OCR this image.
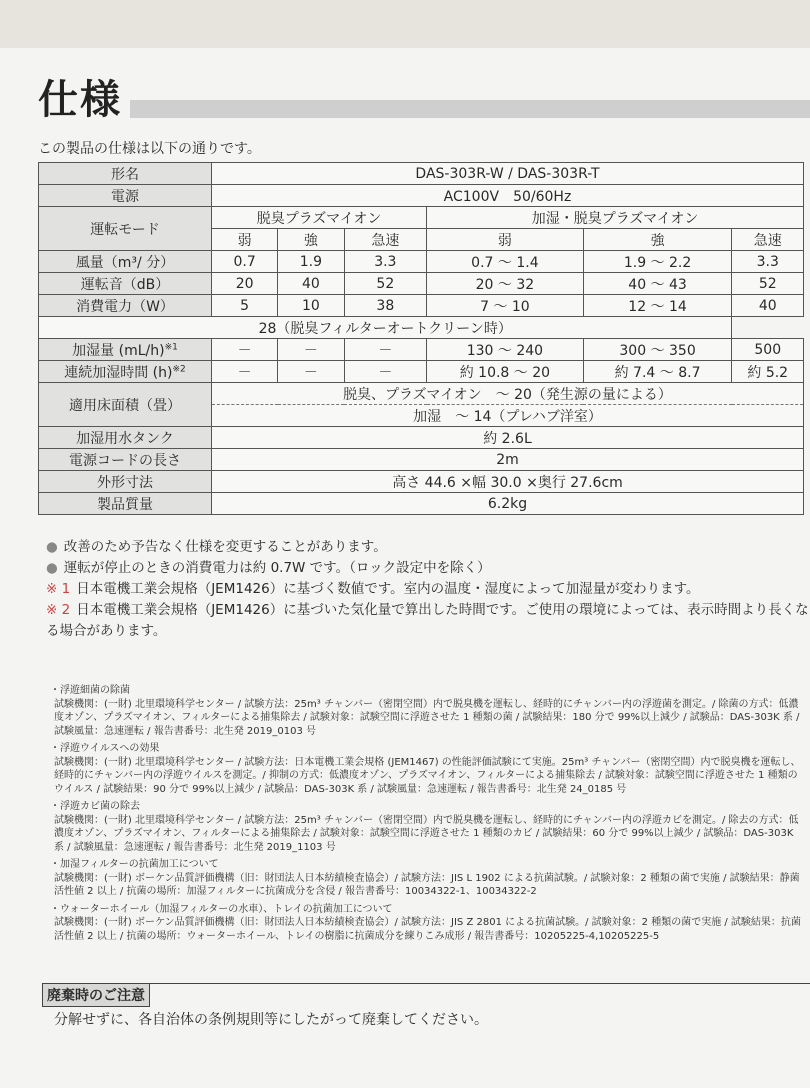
仕様
この製品の仕様は以下の通りです。
形名	DAS-303R-W / DAS-303R-T					
電源	AC100V　50/60Hz					
運転モード	脱臭プラズマイオン			加湿・脱臭プラズマイオン		
	弱	強	急速	弱	強	急速
風量（m³/ 分）	0.7	1.9	3.3	0.7 ～ 1.4	1.9 ～ 2.2	3.3
運転音（dB）	20	40	52	20 ～ 32	40 ～ 43	52
消費電力（W）	5	10	38	7 ～ 10	12 ～ 14	40
28（脱臭フィルターオートクリーン時）						
加湿量 $(mL/h)^{※1}$	－	－	－	130 ～ 240	300 ～ 350	500
連続加湿時間 $(h)^{※2}$	－	－	－	約 10.8 ～ 20	約 7.4 ～ 8.7	約 5.2
適用床面積（畳）	脱臭、プラズマイオン　～ 20（発生源の量による）					
	加湿　～ 14（プレハブ洋室）					
加湿用水タンク	約 2.6L					
電源コードの長さ	2m					
外形寸法	高さ 44.6 ×幅 30.0 ×奥行 27.6cm					
製品質量	6.2kg					
● 改善のため予告なく仕様を変更することがあります。
● 運転が停止のときの消費電力は約 0.7W です。（ロック設定中を除く）
※ 1 日本電機工業会規格（JEM1426）に基づく数値です。室内の温度・湿度によって加湿量が変わります。
※ 2 日本電機工業会規格（JEM1426）に基づいた気化量で算出した時間です。ご使用の環境によっては、表示時間より長くなる場合があります。
・浮遊細菌の除菌
試験機関：(一財) 北里環境科学センター / 試験方法：25m³ チャンバー（密閉空間）内で脱臭機を運転し、経時的にチャンバー内の浮遊菌を測定。/ 除菌の方式：低濃度オゾン、プラズマイオン、フィルターによる捕集除去 / 試験対象：試験空間に浮遊させた 1 種類の菌 / 試験結果：180 分で 99%以上減少 / 試験品：DAS-303K 系 / 試験風量：急速運転 / 報告書番号：北生発 2019_0103 号
・浮遊ウイルスへの効果
試験機関：(一財) 北里環境科学センター / 試験方法：日本電機工業会規格 (JEM1467) の性能評価試験にて実施。25m³ チャンバー（密閉空間）内で脱臭機を運転し、経時的にチャンバー内の浮遊ウイルスを測定。/ 抑制の方式：低濃度オゾン、プラズマイオン、フィルターによる捕集除去 / 試験対象：試験空間に浮遊させた 1 種類のウイルス / 試験結果：90 分で 99%以上減少 / 試験品：DAS-303K 系 / 試験風量：急速運転 / 報告書番号：北生発 24_0185 号
・浮遊カビ菌の除去
試験機関：(一財) 北里環境科学センター / 試験方法：25m³ チャンバー（密閉空間）内で脱臭機を運転し、経時的にチャンバー内の浮遊カビを測定。/ 除去の方式：低濃度オゾン、プラズマイオン、フィルターによる捕集除去 / 試験対象：試験空間に浮遊させた 1 種類のカビ / 試験結果：60 分で 99%以上減少 / 試験品：DAS-303K 系 / 試験風量：急速運転 / 報告書番号：北生発 2019_1103 号
・加湿フィルターの抗菌加工について
試験機関：(一財) ボーケン品質評価機構（旧：財団法人日本紡績検査協会）/ 試験方法：JIS L 1902 による抗菌試験。/ 試験対象：2 種類の菌で実施 / 試験結果：静菌活性値 2 以上 / 抗菌の場所：加湿フィルターに抗菌成分を含侵 / 報告書番号：10034322-1、10034322-2
・ウォーターホイール（加湿フィルターの水車）、トレイの抗菌加工について
試験機関：(一財) ボーケン品質評価機構（旧：財団法人日本紡績検査協会）/ 試験方法：JIS Z 2801 による抗菌試験。/ 試験対象：2 種類の菌で実施 / 試験結果：抗菌活性値 2 以上 / 抗菌の場所：ウォーターホイール、トレイの樹脂に抗菌成分を練りこみ成形 / 報告書番号：10205225-4,10205225-5
廃棄時のご注意
分解せずに、各自治体の条例規則等にしたがって廃棄してください。
